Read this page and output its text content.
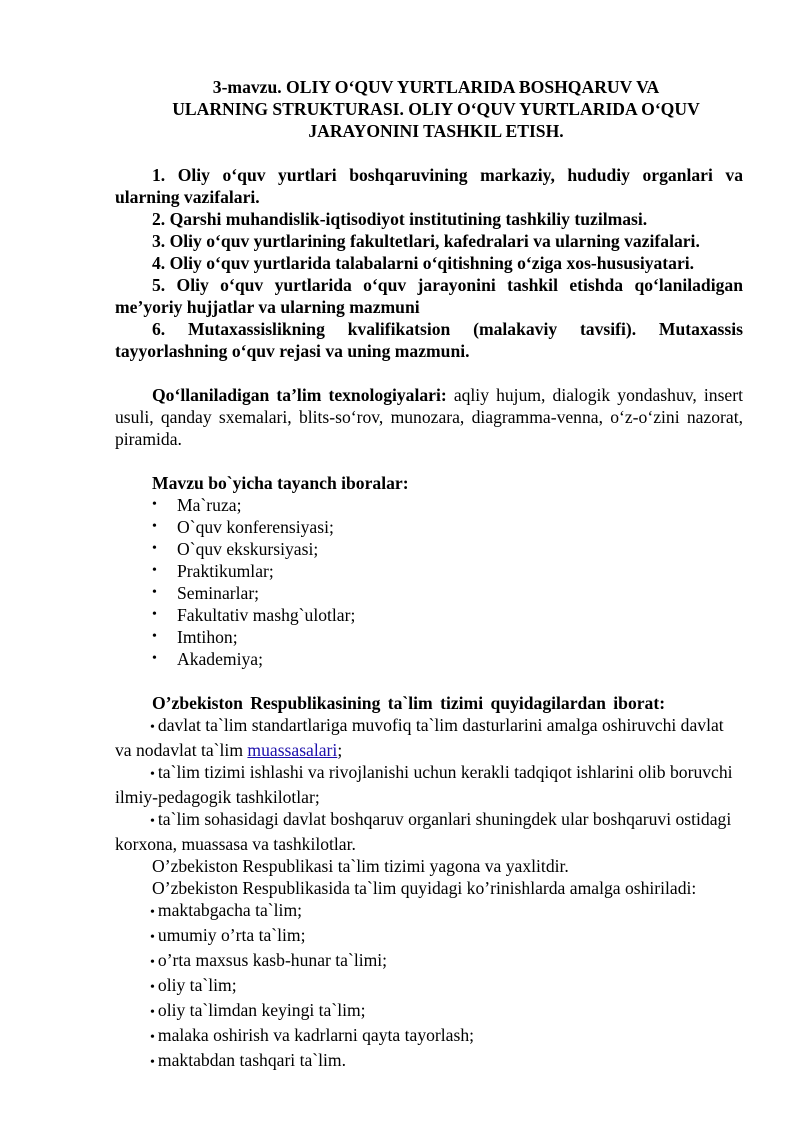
3-mavzu. OLIY O‘QUV YURTLARIDA BOSHQARUV VA
ULARNING STRUKTURASI. OLIY O‘QUV YURTLARIDA O‘QUV
JARAYONINI TASHKIL ETISH.

1. Oliy o‘quv yurtlari boshqaruvining markaziy, hududiy organlari va ularning vazifalari.

2. Qarshi muhandislik-iqtisodiyot institutining tashkiliy tuzilmasi.

3. Oliy o‘quv yurtlarining fakultetlari, kafedralari va ularning vazifalari.

4. Oliy o‘quv yurtlarida talabalarni o‘qitishning o‘ziga xos-hususiyatari.

5. Oliy o‘quv yurtlarida o‘quv jarayonini tashkil etishda qo‘laniladigan me’yoriy hujjatlar va ularning mazmuni

6. Mutaxassislikning kvalifikatsion (malakaviy tavsifi). Mutaxassis tayyorlashning o‘quv rejasi va uning mazmuni.

Qo‘llaniladigan ta’lim texnologiyalari: aqliy hujum, dialogik yondashuv, insert usuli, qanday sxemalari, blits-so‘rov, munozara, diagramma-venna, o‘z-o‘zini nazorat, piramida.
Mavzu bo`yicha tayanch iboralar:
• Ma`ruza;
• O`quv konferensiyasi;
• O`quv ekskursiyasi;
• Praktikumlar;
• Seminarlar;
• Fakultativ mashg`ulotlar;
• Imtihon;
• Akademiya;
O’zbekiston Respublikasining ta`lim tizimi quyidagilardan iborat:

• davlat ta`lim standartlariga muvofiq ta`lim dasturlarini amalga oshiruvchi davlat va nodavlat ta`lim muassasalari;

• ta`lim tizimi ishlashi va rivojlanishi uchun kerakli tadqiqot ishlarini olib boruvchi ilmiy-pedagogik tashkilotlar;

• ta`lim sohasidagi davlat boshqaruv organlari shuningdek ular boshqaruvi ostidagi korxona, muassasa va tashkilotlar.

O’zbekiston Respublikasi ta`lim tizimi yagona va yaxlitdir.

O’zbekiston Respublikasida ta`lim quyidagi ko’rinishlarda amalga oshiriladi:

• maktabgacha ta`lim;
• umumiy o’rta ta`lim;
• o’rta maxsus kasb-hunar ta`limi;
• oliy ta`lim;
• oliy ta`limdan keyingi ta`lim;
• malaka oshirish va kadrlarni qayta tayorlash;
• maktabdan tashqari ta`lim.
